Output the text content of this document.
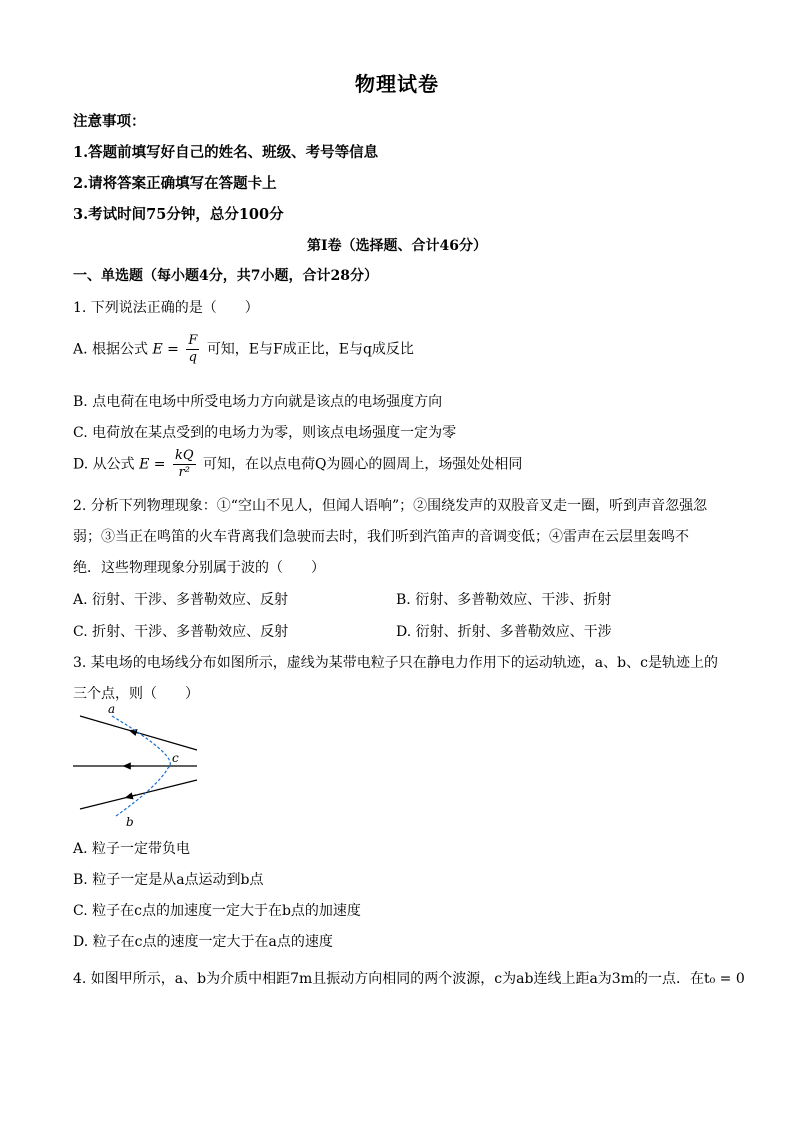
物理试卷
注意事项：
1.答题前填写好自己的姓名、班级、考号等信息
2.请将答案正确填写在答题卡上
3.考试时间75分钟，总分100分
第I卷（选择题、合计46分）
一、单选题（每小题4分，共7小题，合计28分）
1. 下列说法正确的是（　　）
A. 根据公式 $E = \frac{F}{q}$ 可知，E与F成正比，E与q成反比
B. 点电荷在电场中所受电场力方向就是该点的电场强度方向
C. 电荷放在某点受到的电场力为零，则该点电场强度一定为零
D. 从公式 $E = \frac{kQ}{\text{r²}}$ 可知，在以点电荷Q为圆心的圆周上，场强处处相同
2. 分析下列物理现象：①“空山不见人，但闻人语响”；②围绕发声的双股音叉走一圈，听到声音忽强忽
弱；③当正在鸣笛的火车背离我们急驶而去时，我们听到汽笛声的音调变低；④雷声在云层里轰鸣不
绝．这些物理现象分别属于波的（　　）
A. 衍射、干涉、多普勒效应、反射	B. 衍射、多普勒效应、干涉、折射
C. 折射、干涉、多普勒效应、反射	D. 衍射、折射、多普勒效应、干涉
3. 某电场的电场线分布如图所示，虚线为某带电粒子只在静电力作用下的运动轨迹，a、b、c是轨迹上的
三个点，则（　　）
a
c
b
A. 粒子一定带负电
B. 粒子一定是从a点运动到b点
C. 粒子在c点的加速度一定大于在b点的加速度
D. 粒子在c点的速度一定大于在a点的速度
4. 如图甲所示，a、b为介质中相距7m且振动方向相同的两个波源，c为ab连线上距a为3m的一点．在t₀ = 0
